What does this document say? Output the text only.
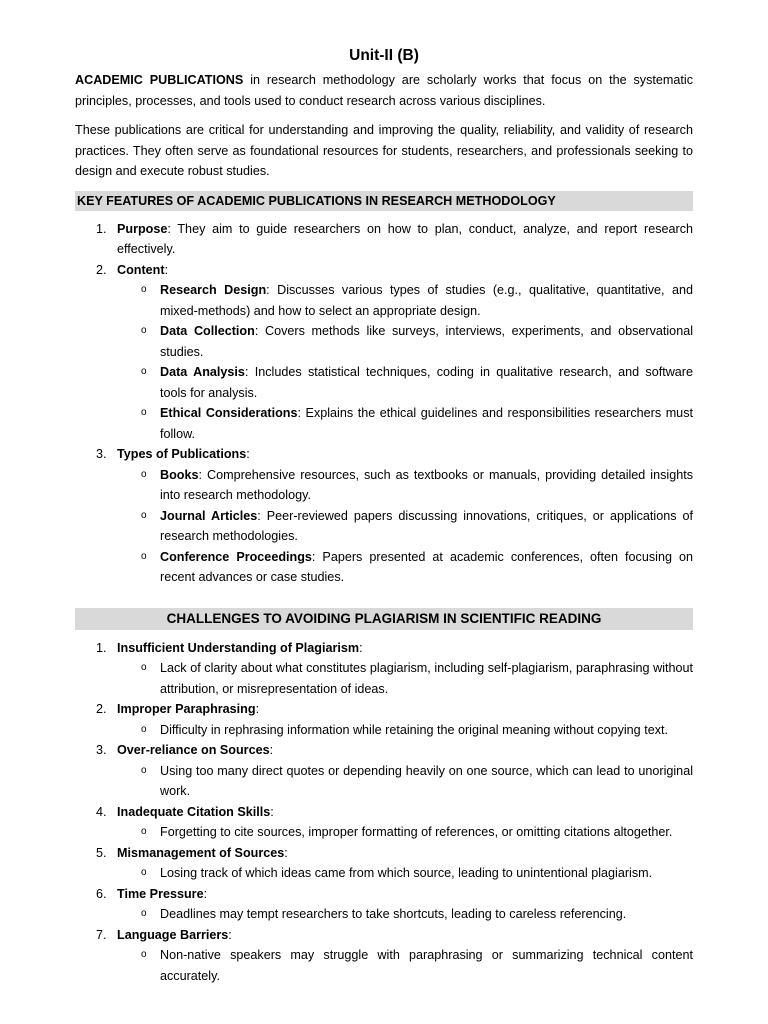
Unit-II (B)

ACADEMIC PUBLICATIONS in research methodology are scholarly works that focus on the systematic principles, processes, and tools used to conduct research across various disciplines.

These publications are critical for understanding and improving the quality, reliability, and validity of research practices. They often serve as foundational resources for students, researchers, and professionals seeking to design and execute robust studies.

KEY FEATURES OF ACADEMIC PUBLICATIONS IN RESEARCH METHODOLOGY
1. Purpose: They aim to guide researchers on how to plan, conduct, analyze, and report research effectively.
2. Content:
o Research Design: Discusses various types of studies (e.g., qualitative, quantitative, and mixed-methods) and how to select an appropriate design.
o Data Collection: Covers methods like surveys, interviews, experiments, and observational studies.
o Data Analysis: Includes statistical techniques, coding in qualitative research, and software tools for analysis.
o Ethical Considerations: Explains the ethical guidelines and responsibilities researchers must follow.
3. Types of Publications:
o Books: Comprehensive resources, such as textbooks or manuals, providing detailed insights into research methodology.
o Journal Articles: Peer-reviewed papers discussing innovations, critiques, or applications of research methodologies.
o Conference Proceedings: Papers presented at academic conferences, often focusing on recent advances or case studies.
CHALLENGES TO AVOIDING PLAGIARISM IN SCIENTIFIC READING
1. Insufficient Understanding of Plagiarism:
o Lack of clarity about what constitutes plagiarism, including self-plagiarism, paraphrasing without attribution, or misrepresentation of ideas.
2. Improper Paraphrasing:
o Difficulty in rephrasing information while retaining the original meaning without copying text.
3. Over-reliance on Sources:
o Using too many direct quotes or depending heavily on one source, which can lead to unoriginal work.
4. Inadequate Citation Skills:
o Forgetting to cite sources, improper formatting of references, or omitting citations altogether.
5. Mismanagement of Sources:
o Losing track of which ideas came from which source, leading to unintentional plagiarism.
6. Time Pressure:
o Deadlines may tempt researchers to take shortcuts, leading to careless referencing.
7. Language Barriers:
o Non-native speakers may struggle with paraphrasing or summarizing technical content accurately.
